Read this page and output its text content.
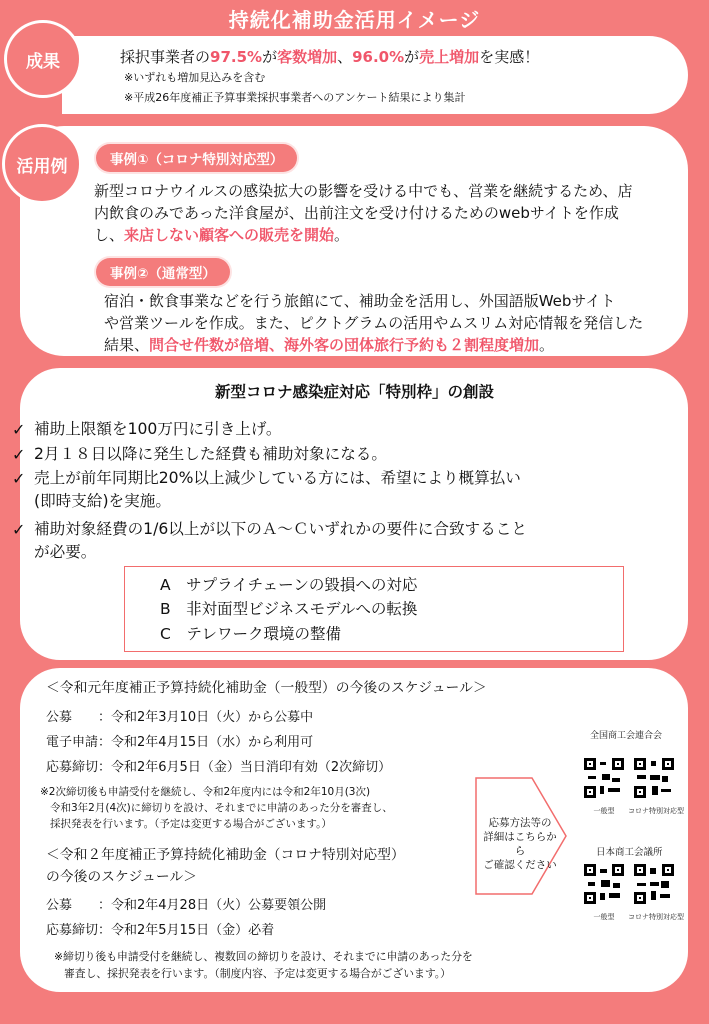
持続化補助金活用イメージ
成果	採択事業者の97.5%が客数増加、96.0%が売上増加を実感！
※いずれも増加見込みを含む
※平成26年度補正予算事業採択事業者へのアンケート結果により集計
活用例	事例①（コロナ特別対応型）
新型コロナウイルスの感染拡大の影響を受ける中でも、営業を継続するため、店
内飲食のみであった洋食屋が、出前注文を受け付けるためのwebサイトを作成
し、来店しない顧客への販売を開始。
事例②（通常型）
宿泊・飲食事業などを行う旅館にて、補助金を活用し、外国語版Webサイト
や営業ツールを作成。また、ピクトグラムの活用やムスリム対応情報を発信した
結果、問合せ件数が倍増、海外客の団体旅行予約も２割程度増加。
新型コロナ感染症対応「特別枠」の創設
✓ 補助上限額を100万円に引き上げ。
✓ 2月１８日以降に発生した経費も補助対象になる。
✓ 売上が前年同期比20%以上減少している方には、希望により概算払い
(即時支給)を実施。
✓ 補助対象経費の1/6以上が以下のＡ～Ｃいずれかの要件に合致すること
が必要。
A　サプライチェーンの毀損への対応
B　非対面型ビジネスモデルへの転換
C　テレワーク環境の整備
＜令和元年度補正予算持続化補助金（一般型）の今後のスケジュール＞
公募　　：令和2年3月10日（火）から公募中
電子申請：令和2年4月15日（水）から利用可
応募締切：令和2年6月5日（金）当日消印有効（2次締切）
※2次締切後も申請受付を継続し、令和2年度内には令和2年10月(3次)
令和3年2月(4次)に締切りを設け、それまでに申請のあった分を審査し、
採択発表を行います。（予定は変更する場合がございます。）
＜令和２年度補正予算持続化補助金（コロナ特別対応型）
の今後のスケジュール＞
公募　　：令和2年4月28日（火）公募要領公開
応募締切：令和2年5月15日（金）必着
※締切り後も申請受付を継続し、複数回の締切りを設け、それまでに申請のあった分を
審査し、採択発表を行います。（制度内容、予定は変更する場合がございます。）
応募方法等の
詳細はこちらから
ご確認ください
全国商工会連合会
一般型	コロナ特別対応型
日本商工会議所
一般型	コロナ特別対応型
